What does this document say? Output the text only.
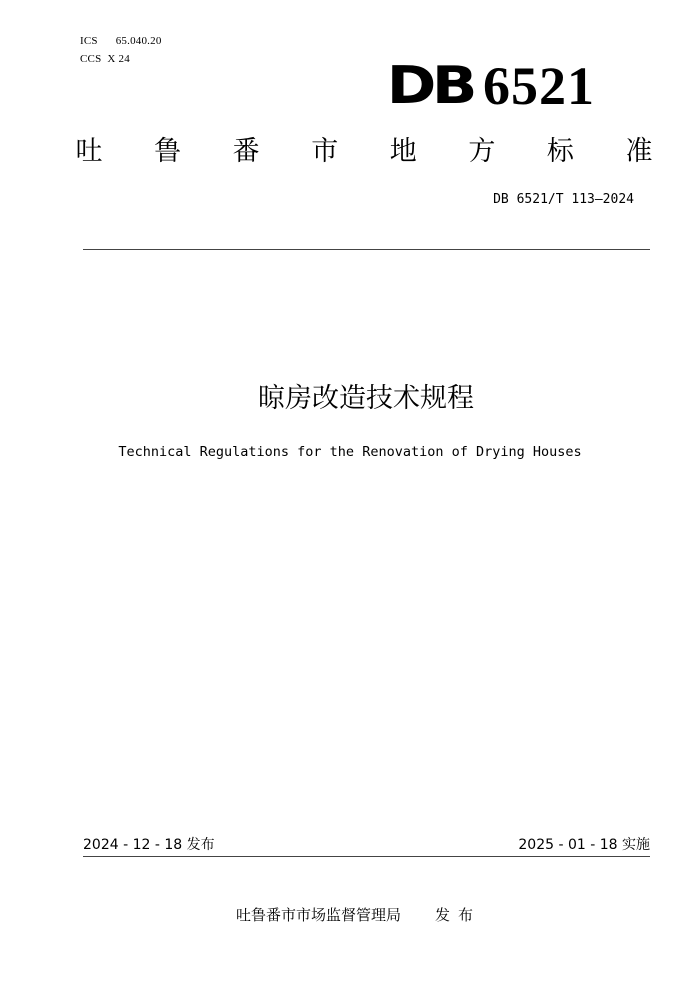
ICS 65.040.20
CCS X 24	DB 6521
吐 鲁 番 市 地 方 标 准
DB 6521/T 113—2024
晾房改造技术规程
Technical Regulations for the Renovation of Drying Houses
2024 - 12 - 18 发布	2025 - 01 - 18 实施
吐鲁番市市场监督管理局 发 布
